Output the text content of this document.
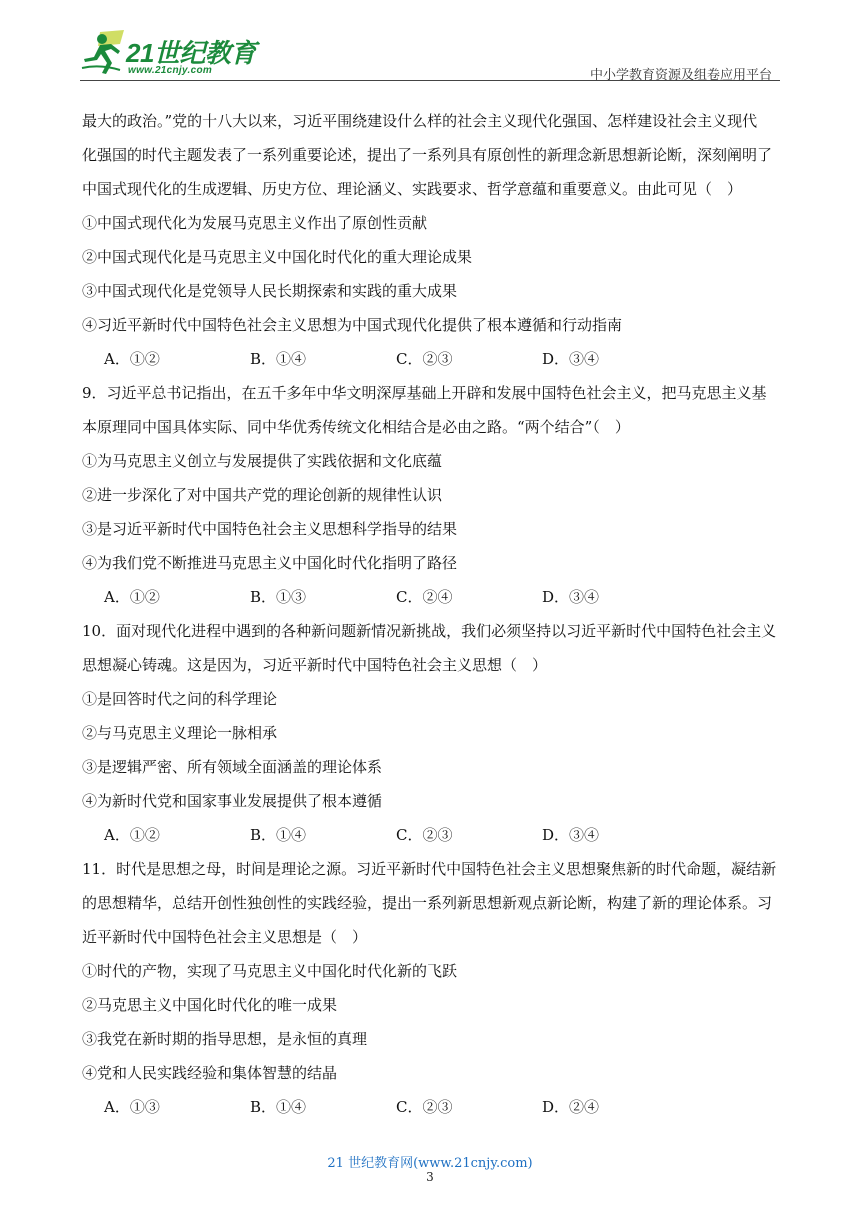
21世纪教育
www.21cnjy.com	中小学教育资源及组卷应用平台
最大的政治。”党的十八大以来，习近平围绕建设什么样的社会主义现代化强国、怎样建设社会主义现代
化强国的时代主题发表了一系列重要论述，提出了一系列具有原创性的新理念新思想新论断，深刻阐明了
中国式现代化的生成逻辑、历史方位、理论涵义、实践要求、哲学意蕴和重要意义。由此可见（　）
①中国式现代化为发展马克思主义作出了原创性贡献
②中国式现代化是马克思主义中国化时代化的重大理论成果
③中国式现代化是党领导人民长期探索和实践的重大成果
④习近平新时代中国特色社会主义思想为中国式现代化提供了根本遵循和行动指南
A．①②	B．①④	C．②③	D．③④
9．习近平总书记指出，在五千多年中华文明深厚基础上开辟和发展中国特色社会主义，把马克思主义基
本原理同中国具体实际、同中华优秀传统文化相结合是必由之路。“两个结合”（　）
①为马克思主义创立与发展提供了实践依据和文化底蕴
②进一步深化了对中国共产党的理论创新的规律性认识
③是习近平新时代中国特色社会主义思想科学指导的结果
④为我们党不断推进马克思主义中国化时代化指明了路径
A．①②	B．①③	C．②④	D．③④
10．面对现代化进程中遇到的各种新问题新情况新挑战，我们必须坚持以习近平新时代中国特色社会主义
思想凝心铸魂。这是因为，习近平新时代中国特色社会主义思想（　）
①是回答时代之问的科学理论
②与马克思主义理论一脉相承
③是逻辑严密、所有领域全面涵盖的理论体系
④为新时代党和国家事业发展提供了根本遵循
A．①②	B．①④	C．②③	D．③④
11．时代是思想之母，时间是理论之源。习近平新时代中国特色社会主义思想聚焦新的时代命题，凝结新
的思想精华，总结开创性独创性的实践经验，提出一系列新思想新观点新论断，构建了新的理论体系。习
近平新时代中国特色社会主义思想是（　）
①时代的产物，实现了马克思主义中国化时代化新的飞跃
②马克思主义中国化时代化的唯一成果
③我党在新时期的指导思想，是永恒的真理
④党和人民实践经验和集体智慧的结晶
A．①③	B．①④	C．②③	D．②④
21 世纪教育网(www.21cnjy.com)
3
